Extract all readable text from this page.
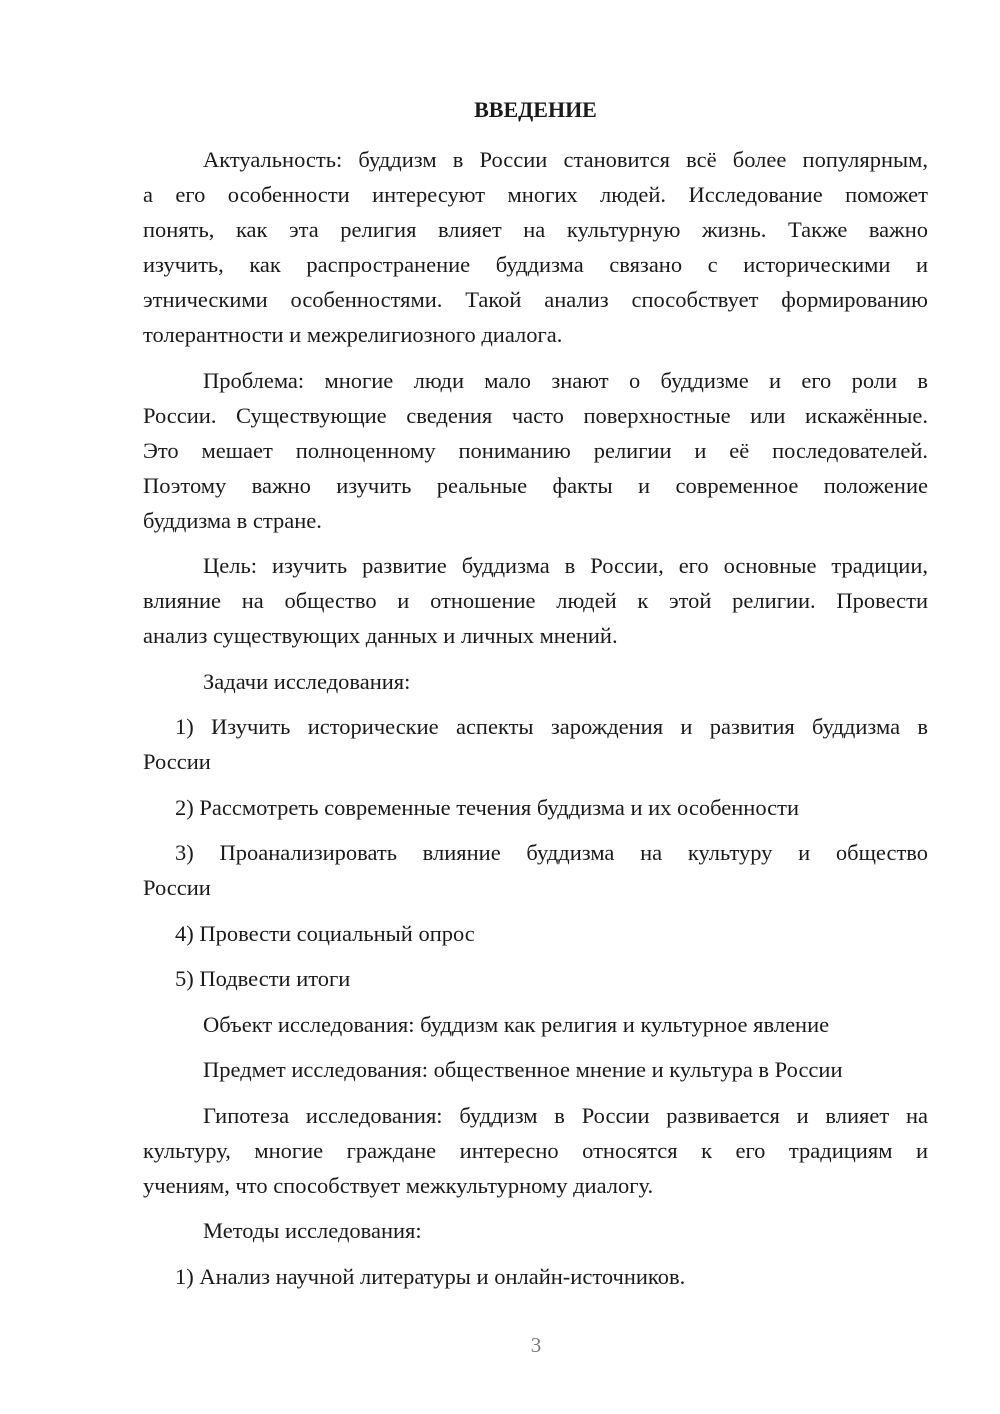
ВВЕДЕНИЕ
Актуальность: буддизм в России становится всё более популярным,
а его особенности интересуют многих людей. Исследование поможет
понять, как эта религия влияет на культурную жизнь. Также важно
изучить, как распространение буддизма связано с историческими и
этническими особенностями. Такой анализ способствует формированию
толерантности и межрелигиозного диалога.
Проблема: многие люди мало знают о буддизме и его роли в
России. Существующие сведения часто поверхностные или искажённые.
Это мешает полноценному пониманию религии и её последователей.
Поэтому важно изучить реальные факты и современное положение
буддизма в стране.
Цель: изучить развитие буддизма в России, его основные традиции,
влияние на общество и отношение людей к этой религии. Провести
анализ существующих данных и личных мнений.
Задачи исследования:
1) Изучить исторические аспекты зарождения и развития буддизма в
России
2) Рассмотреть современные течения буддизма и их особенности
3) Проанализировать влияние буддизма на культуру и общество
России
4) Провести социальный опрос
5) Подвести итоги
Объект исследования: буддизм как религия и культурное явление
Предмет исследования: общественное мнение и культура в России
Гипотеза исследования: буддизм в России развивается и влияет на
культуру, многие граждане интересно относятся к его традициям и
учениям, что способствует межкультурному диалогу.
Методы исследования:
1) Анализ научной литературы и онлайн-источников.
3
